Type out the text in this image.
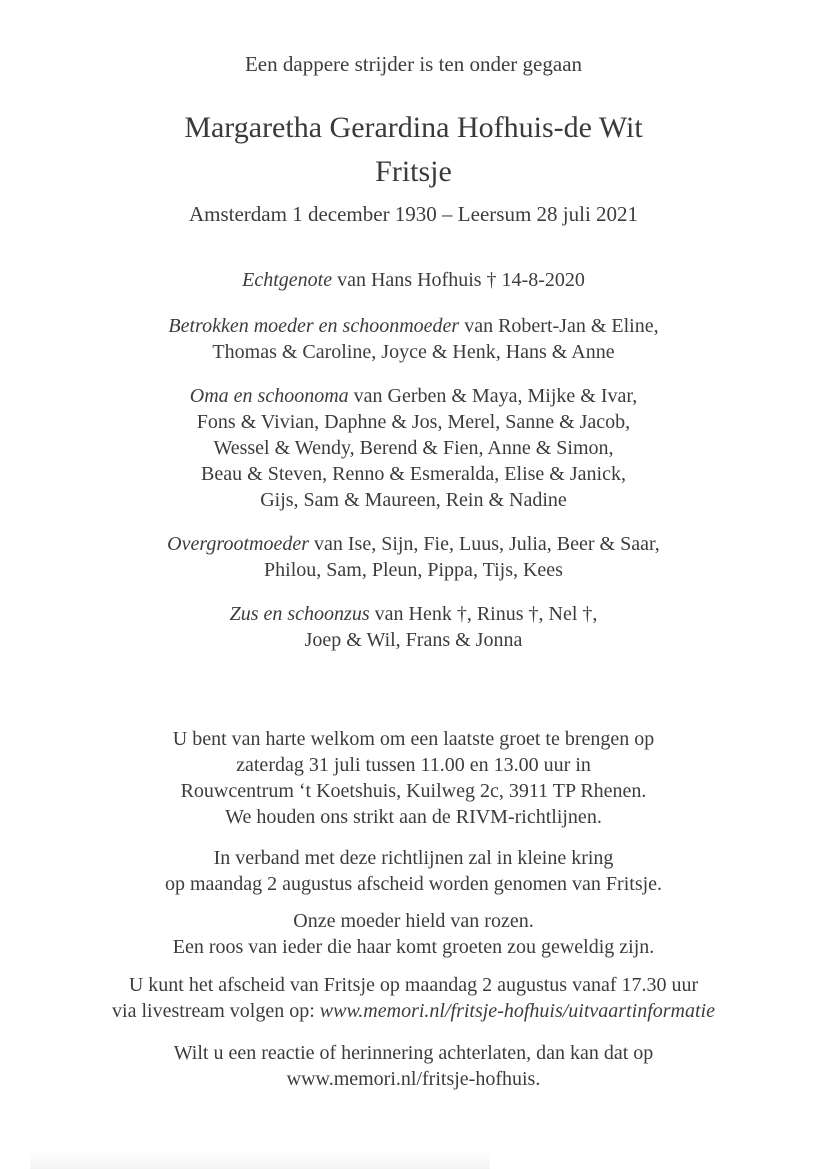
Een dappere strijder is ten onder gegaan
Margaretha Gerardina Hofhuis-de Wit
Fritsje
Amsterdam 1 december 1930 – Leersum 28 juli 2021
Echtgenote van Hans Hofhuis † 14-8-2020
Betrokken moeder en schoonmoeder van Robert-Jan & Eline,
Thomas & Caroline, Joyce & Henk, Hans & Anne
Oma en schoonoma van Gerben & Maya, Mijke & Ivar,
Fons & Vivian, Daphne & Jos, Merel, Sanne & Jacob,
Wessel & Wendy, Berend & Fien, Anne & Simon,
Beau & Steven, Renno & Esmeralda, Elise & Janick,
Gijs, Sam & Maureen, Rein & Nadine
Overgrootmoeder van Ise, Sijn, Fie, Luus, Julia, Beer & Saar,
Philou, Sam, Pleun, Pippa, Tijs, Kees
Zus en schoonzus van Henk †, Rinus †, Nel †,
Joep & Wil, Frans & Jonna
U bent van harte welkom om een laatste groet te brengen op
zaterdag 31 juli tussen 11.00 en 13.00 uur in
Rouwcentrum ‘t Koetshuis, Kuilweg 2c, 3911 TP Rhenen.
We houden ons strikt aan de RIVM-richtlijnen.
In verband met deze richtlijnen zal in kleine kring
op maandag 2 augustus afscheid worden genomen van Fritsje.
Onze moeder hield van rozen.
Een roos van ieder die haar komt groeten zou geweldig zijn.
U kunt het afscheid van Fritsje op maandag 2 augustus vanaf 17.30 uur
via livestream volgen op: www.memori.nl/fritsje-hofhuis/uitvaartinformatie
Wilt u een reactie of herinnering achterlaten, dan kan dat op
www.memori.nl/fritsje-hofhuis.
